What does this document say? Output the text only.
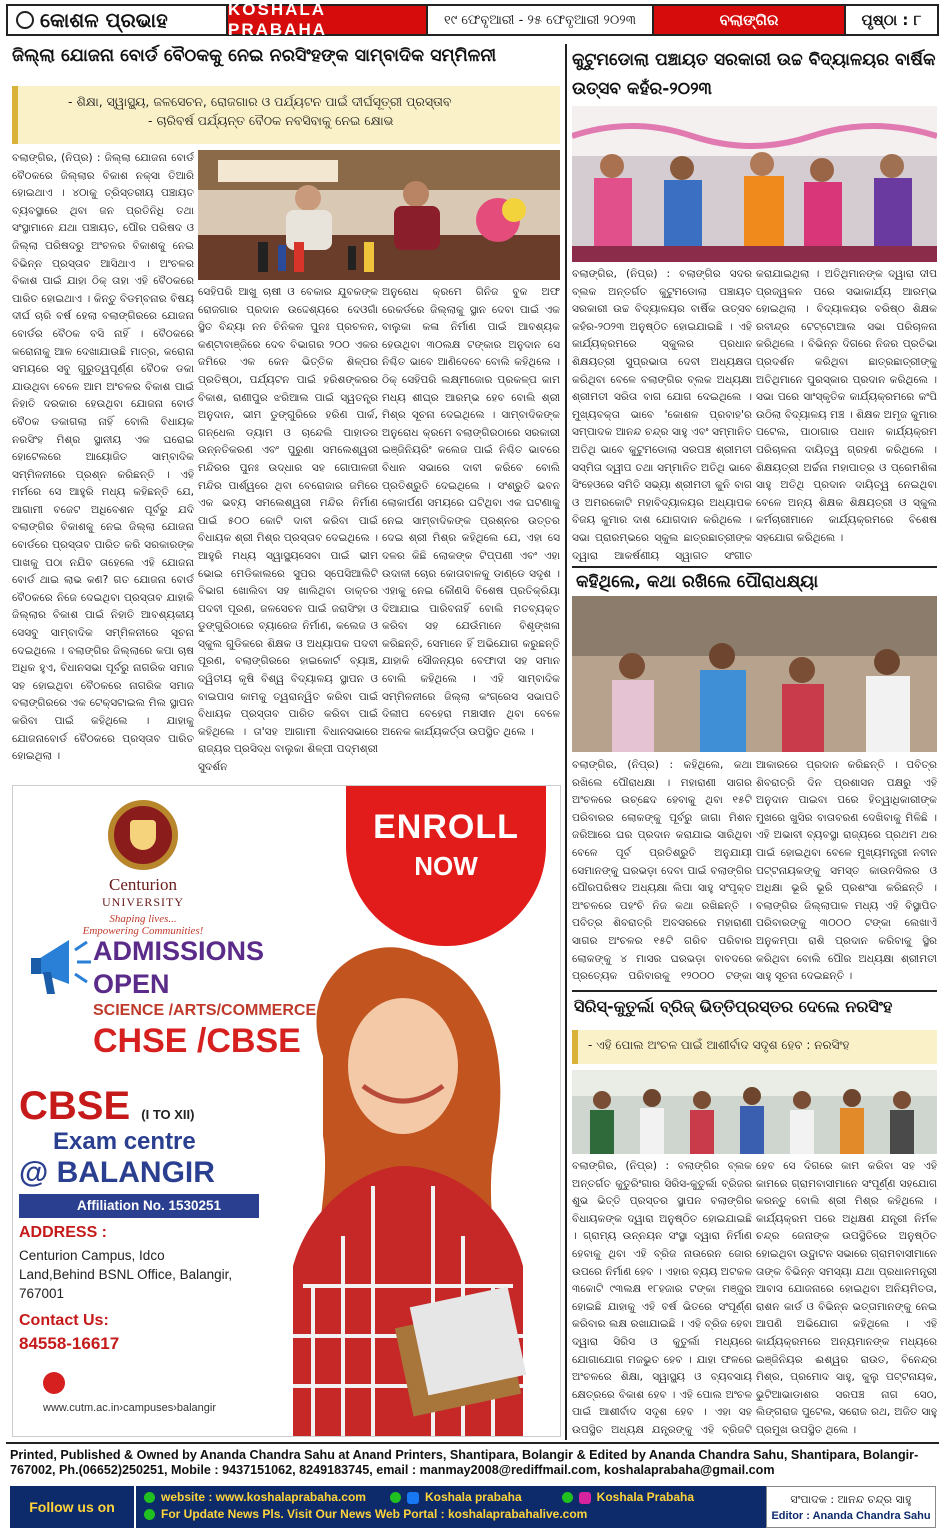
କୋଶଳ ପ୍ରଭାହ	KOSHALA PRABAHA	୧୯ ଫେବୃଆରୀ - ୨୫ ଫେବୃଆରୀ ୨୦୨୩	ବଲାଙ୍ଗିର	ପୃଷ୍ଠା : ୮
ଜିଲ୍ଲା ଯୋଜନା ବୋର୍ଡ ବୈଠକକୁ ନେଇ ନରସିଂହଙ୍କ ସାମ୍ବାଦିକ ସମ୍ମିଳନୀ
- ଶିକ୍ଷା, ସ୍ୱାସ୍ଥ୍ୟ, ଜଳସେଚନ, ରୋଜଗାର ଓ ପର୍ଯ୍ୟଟନ ପାଇଁ ଦୀର୍ଘସୂତ୍ରୀ ପ୍ରସ୍ତାବ
- ଚାରିବର୍ଷ ପର୍ଯ୍ୟନ୍ତ ବୈଠକ ନବସିବାକୁ ନେଇ କ୍ଷୋଭ
ବଲାଙ୍ଗିର, (ନିପ୍ର) : ଜିଲ୍ଲା ଯୋଜନା ବୋର୍ଡ ବୈଠକରେ ଜିଲ୍ଲାର ବିକାଶ ନକ୍ସା ତିଆରି ହୋଇଥାଏ । ୪୦ାକୁ ତ୍ରିସ୍ତରୀୟ ପଞ୍ଚାୟତ ବ୍ୟବସ୍ଥାରେ ଥିବା ଜନ ପ୍ରତିନିଧି ତଥା ସଂସ୍ଥାମାନେ ଯଥା ପଞ୍ଚାୟତ, ପୌର ପରିଷଦ ଓ ଜିଲ୍ଲା ପରିଷଦରୁ ଅଂଚଳର ବିକାଶକୁ ନେଇ ବିଭିନ୍ନ ପ୍ରସ୍ତାବ ଆସିଥାଏ । ଅଂଚଳର ବିକାଶ ପାଇଁ ଯାହା ଠିକ୍ ତାହା ଏହି ବୈଠକରେ ପାରିତ ହୋଇଥାଏ । କିନ୍ତୁ ବିଡମ୍ବନାର ବିଷୟ ଦୀର୍ଘ ଚାରି ବର୍ଷ ହେଲା ବଲାଙ୍ଗିରରେ ଯୋଜନା ବୋର୍ଡର ବୈଠକ ବସି ନାହିଁ । ବୈଠକରେ କରୋନାକୁ ଆଳ ଦେଖାଯାଉଛି ମାତ୍ର, କରୋନା ସମୟରେ ସବୁ ଗୁରୁତ୍ୱପୂର୍ଣ୍ଣ ବୈଠକ ଡକା ଯାଉଥିବା ବେଳେ ଆମ ଅଂଚଳର ବିକାଶ ପାଇଁ ନିହାତି ଦରକାର ହେଉଥିବା ଯୋଜନା ବୋର୍ଡ ବୈଠକ ଡକାଗଲା ନାହିଁ ବୋଲି ବିଧାୟକ ନରସିଂହ ମିଶ୍ର ସ୍ଥାନୀୟ ଏକ ଘରୋଇ ହୋଟେଲରେ ଆୟୋଜିତ ସାମ୍ବାଦିକ ସମ୍ମିଳନୀରେ ପ୍ରଶ୍ନ କରିଛନ୍ତି । ଏହି ମର୍ମରେ ସେ ଆହୁରି ମଧ୍ୟ କହିଛନ୍ତି ଯେ, ଆଗାମୀ ବଜେଟ ଅଧିବେଶନ ପୂର୍ବରୁ ଯଦି ବଲାଙ୍ଗିର ବିକାଶକୁ ନେଇ ଜିଲ୍ଲା ଯୋଜନା ବୋର୍ଡରେ ପ୍ରସ୍ତାବ ପାରିତ କରି ସରକାରଙ୍କ ପାଖକୁ ପଠା ନଯିବ ତାହେଲେ ଏହି ଯୋଜନା ବୋର୍ଡ ଥାଇ ଲାଭ କଣ? ଗତ ଯୋଜନା ବୋର୍ଡ ବୈଠକରେ ନିଜେ ଦେଇଥିବା ପ୍ରସ୍ତାବ ଯାହାକି ଜିଲ୍ଲାର ବିକାଶ ପାଇଁ ନିହାତି ଆବଶ୍ୟକୀୟ ସେସବୁ ସାମ୍ବାଦିକ ସମ୍ମିଳନୀରେ ସୂଚନା ଦେଇଥିଲେ । ବଲାଙ୍ଗିର ଜିଲ୍ଲାରେ କପା ଚାଷ ଅଧିକ ହୁଏ, ବିଧାନସଭା ପୂର୍ବରୁ ନାଗରିକ ସମାଜ ସହ ହୋଇଥିବା ବୈଠକରେ ନାଗରିକ ସମାଜ ବଲାଙ୍ଗିରରେ ଏକ ଟେକ୍ସଟାଇଲ ମିଲ ସ୍ଥାପନ କରିବା ପାଇଁ କହିଥିଲେ । ଯାହାକୁ ଯୋଜନାବୋର୍ଡ ବୈଠକରେ ପ୍ରସ୍ତାବ ପାରିତ ହୋଇଥିଲା ।
ସେହିପରି ଆଖୁ ଚାଷୀ ଓ ବେକାର ଯୁବକଙ୍କ ରୋଜଗାର ପ୍ରଦାନ ଉଦ୍ଦେଶ୍ୟରେ ଦେଓଗାଁ ସ୍ଥିତ ବିନ୍ଦ୍ୟା ନନ ଚିନିକଳ ପୁନଃ ପ୍ରଚଳନ, କଣ୍ଟାବାଞ୍ଜିରେ ଦେବ ବିଭାଗର ୨୦୦ ଏକର ଜମିରେ ଏକ କେନ ଭିତ୍ତିକ ଶିଳ୍ପର ପ୍ରତିଷ୍ଠା, ପର୍ଯ୍ୟଟନ ପାଇଁ ହରିଶଙ୍କରର ବିକାଶ, ରାଣୀପୁର ଝରିଆଲ ପାଇଁ ସ୍ୱତନ୍ତ୍ର ଅନୁଦାନ, ଭୀମ ଡୁଙ୍ଗୁରିରେ ହରିଣ ପାର୍କ, ଗନ୍ଧେଲ ଡ୍ୟାମ ଓ ଚାନ୍ଦେଲି ପାହାଡର ଉନ୍ନତିକରଣ ଏବଂ ପୁରୁଣା ସମଲେଶ୍ୱରୀ ମନ୍ଦିରର ପୁନଃ ଉଦ୍ଧାର ସହ ଗୋପାଳଜୀ ମନ୍ଦିର ପାର୍ଶ୍ୱରେ ଥିବା ବେରୋଜାର ଜମିରେ ଏକ ଭବ୍ୟ ସମଲେଶ୍ୱରୀ ମନ୍ଦିର ନିର୍ମାଣ ପାଇଁ ୫୦୦ କୋଟି ଦାବୀ କରିବା ପାଇଁ ବିଧାୟକ ଶ୍ରୀ ମିଶ୍ର ପ୍ରସ୍ତାବ ଦେଇଥିଲେ । ଆହୁରି ମଧ୍ୟ ସ୍ୱାସ୍ଥ୍ୟସେବା ପାଇଁ ଭୀମ ଭୋଇ ମେଡିକାଲରେ ସୁପର ସ୍ପେସିଆଲିଟି ବିଭାଗ ଖୋଲିବା ସହ ଖାଲିଥିବା ଡାକ୍ତର ପଦବୀ ପୂରଣ, ଜଳସେଚନ ପାଇଁ ଜରାସିଂହା ଓ ଡୁଙ୍ଗୁରିଠାରେ ବ୍ୟାରେଜ ନିର୍ମାଣ, କଲେଜ ଓ ସ୍କୁଲ ଗୁଡିକରେ ଶିକ୍ଷକ ଓ ଅଧ୍ୟାପକ ପଦବୀ ପୂରଣ, ବଲାଙ୍ଗିରରେ ହାଇକୋର୍ଟ ବ୍ୟାଞ୍ଚ, ଦ୍ୱିତୀୟ କୃଷି ବିଶ୍ୱ ବିଦ୍ୟାଳୟ ସ୍ଥାପନ ଓ ବାଇପାସ କାମକୁ ତ୍ୱରାନ୍ୱିତ କରିବା ପାଇଁ ବିଧାୟକ ପ୍ରସ୍ତାବ ପାରିତ କରିବା ପାଇଁ କହିଥିଲେ । ତା'ସହ ଆଗାମୀ ବିଧାନସଭାରେ ରାଜ୍ୟର ପ୍ରସିଦ୍ଧ ବାଲୁକା ଶିଳ୍ପୀ ପଦ୍ମଶ୍ରୀ ସୁଦର୍ଶନ
ଅନୁରୋଧ କ୍ରମେ ଗିନିଜ ବୁକ ଅଫ ରେକର୍ଡରେ ଜିଲ୍ଲାକୁ ସ୍ଥାନ ଦେବା ପାଇଁ ଏକ ବାଲୁକା କଳା ନିର୍ମାଣ ପାଇଁ ଆବଶ୍ୟକ ହେଉଥିବା ୩୦ଲକ୍ଷ ଟଙ୍କାର ଅନୁଦାନ ସେ ନିଶ୍ଚିତ ଭାବେ ଆଣିଦେବେ ବୋଲି କହିଥିଲେ । ଠିକ୍ ସେହିପରି ଲକ୍ଷ୍ମୀଜୋର ପ୍ରକଳ୍ପ କାମ ମଧ୍ୟ ଶୀଘ୍ର ଆରମ୍ଭ ହେବ ବୋଲି ଶ୍ରୀ ମିଶ୍ର ସୂଚନା ଦେଇଥିଲେ । ସାମ୍ବାଦିକଙ୍କ ଅନୁରୋଧ କ୍ରମେ ବଲାଙ୍ଗିରଠାରେ ସରକାରୀ ଇଞ୍ଜିନିୟରିଂ କଲେଜ ପାଇଁ ନିଶ୍ଚିତ ଭାବରେ ବିଧାନ ସଭାରେ ଦାବୀ କରିବେ ବୋଲି ପ୍ରତିଶ୍ରୁତି ଦେଇଥିଲେ । ସଂଶ୍ରୁତି ଭବନ ଲୋକାର୍ପଣ ସମୟରେ ଘଟିଥିବା ଏକ ଘଟଣାକୁ ନେଇ ସାମ୍ବାଦିକଙ୍କ ପ୍ରଶ୍ନର ଉତ୍ତର ଦେଇ ଶ୍ରୀ ମିଶ୍ର କହିଥିଲେ ଯେ, ଏହା ସେ ଦଳର କିଛି ଲୋକଙ୍କ ଟିପ୍ପଣୀ ଏବଂ ଏହା ଉଦାଳୀ ଚୋର କୋତାବାଳକୁ ଡାଣ୍ଡେ ସଦୃଶ । ଏହାକୁ ନେଇ କୌଣସି ବିଶେଷ ପ୍ରତିକ୍ରିୟା ଦିଆଯାଇ ପାରିବନାହିଁ ବୋଲି ମତବ୍ୟକ୍ତ କରିବା ସହ ଯେଉଁମାନେ ବିଶୃଙ୍ଖଳା କରିଛନ୍ତି, ସେମାନେ ହିଁ ଅଭିଯୋଗ କରୁଛନ୍ତି ଯାହାକି ସୌଜନ୍ୟର ବେଫାଦୀ ସହ ସମାନ ବୋଲି କହିଥିଲେ । ଏହି ସାମ୍ବାଦିକ ସମ୍ମିଳନୀରେ ଜିଲ୍ଲା କଂଗ୍ରେସ ସଭାପତି ଦିଲୀପ ବେହେରା ମଞ୍ଚାସୀନ ଥିବା ବେଳେ ଅନେକ କାର୍ଯ୍ୟକର୍ତ୍ତା ଉପସ୍ଥିତ ଥିଲେ ।
ENROLL
NOW
Centurion
UNIVERSITY
Shaping lives...
Empowering Communities!
ADMISSIONS
OPEN
SCIENCE /ARTS/COMMERCE
CHSE /CBSE
CBSE (I TO XII)
Exam centre
@ BALANGIR
Affiliation No. 1530251
ADDRESS :
Centurion Campus, Idco Land,Behind BSNL Office, Balangir, 767001
Contact Us:
84558-16617
www.cutm.ac.in›campuses›balangir
କୁଟୁମଡୋଲା ପଞ୍ଚାୟତ ସରକାରୀ ଉଚ୍ଚ ବିଦ୍ୟାଳୟର ବାର୍ଷିକ ଉତ୍ସବ କହଁର-୨୦୨୩
ବଲାଙ୍ଗିର, (ନିପ୍ର) : ବଲାଙ୍ଗିର ସଦର ବ୍ଲକ ଅନ୍ତର୍ଗତ କୁଟୁମଡୋଲା ପଞ୍ଚାୟତ ସରକାରୀ ଉଚ୍ଚ ବିଦ୍ୟାଳୟର ବାର୍ଷିକ ଉତ୍ସବ କହଁର-୨୦୨୩ ଅନୁଷ୍ଠିତ ହୋଇଯାଇଛି । ଏହି କାର୍ଯ୍ୟକ୍ରମରେ ସ୍କୁଲର ପ୍ରଧାନ ଶିକ୍ଷୟତ୍ରୀ ସୁପ୍ରଭାତା ଦେବୀ ଅଧ୍ୟକ୍ଷତା କରିଥିବା ବେଳେ ବଲାଙ୍ଗିର ବ୍ଲକ ଅଧ୍ୟକ୍ଷା ଶ୍ରୀମତୀ ସରିତା ବାଗ ଯୋଗ ଦେଇଥିଲେ । ମୁଖ୍ୟବକ୍ତା ଭାବେ 'କୋଶଳ ପ୍ରବାହ'ର ସମ୍ପାଦକ ଆନନ୍ଦ ଚନ୍ଦ୍ର ସାହୁ ଏବଂ ସମ୍ମାନିତ ଅତିଥି ଭାବେ କୁଟୁମଡୋଲା ସରପଞ୍ଚ ଶ୍ରୀମତୀ ସସ୍ମିତା ଦ୍ୱୀପ ତଥା ସମ୍ମାନିତ ଅତିଥି ଭାବେ ସିଂହେଓରେ ସମିତି ସଭ୍ୟା ଶ୍ରୀମତୀ କୁନି ବାଗ ଓ ଅମରକୋଟି ମହାବିଦ୍ୟାଳୟର ଅଧ୍ୟାପକ ବିଜୟ କୁମାର ଦାଶ ଯୋଗଦାନ କରିଥିଲେ । ସଭା ପ୍ରାରମ୍ଭରେ ସ୍କୁଲ ଛାତ୍ରଛାତ୍ରୀଙ୍କ ଦ୍ୱାରା ଆକର୍ଷଣୀୟ ସ୍ୱାଗତ ସଂଗୀତ
କରାଯାଇଥିଲା । ଅତିଥିମାନଙ୍କ ଦ୍ୱାରା ଦୀପ ପ୍ରଜ୍ୱଳନ ପରେ ସଭାକାର୍ଯ୍ୟ ଆରମ୍ଭ ହୋଇଥିଲା । ବିଦ୍ୟାଳୟର ବରିଷ୍ଠ ଶିକ୍ଷକ ରବୀନ୍ଦ୍ର ଟେଟ୍ଟୋଆଲ ସଭା ପରିଚାଳନା କରିଥିଲେ । ବିଭିନ୍ନ ଦିଗରେ ନିଜର ପ୍ରତିଭା ପ୍ରଦର୍ଶନ କରିଥିବା ଛାତ୍ରଛାତ୍ରୀଙ୍କୁ ଅତିଥିମାନେ ପୁରସ୍କାର ପ୍ରଦାନ କରିଥିଲେ । ସଭା ପରେ ସାଂସ୍କୃତିକ କାର୍ଯ୍ୟକ୍ରମରେ କଂପି ଉଠିଲା ବିଦ୍ୟାଳୟ ମଞ୍ଚ । ଶିକ୍ଷକ ଅମୃଜ କୁମାର ପଟେଲ, ପାଠାଗାର ପଧାନ କାର୍ଯ୍ୟକ୍ରମ ପରିଚାଳନା ଦାୟିତ୍ୱ ଗ୍ରହଣ କରିଥିଲେ । ଶିକ୍ଷୟତ୍ରୀ ଅର୍ଚ୍ଚନା ମହାପାତ୍ର ଓ ପ୍ରେମଶିଳା ସାହୁ ଅତିଥି ପ୍ରଦାନ ଦାୟିତ୍ୱ ନେଇଥିବା ବେଳେ ଅନ୍ୟ ଶିକ୍ଷକ ଶିକ୍ଷୟତ୍ରୀ ଓ ସ୍କୁଲ କର୍ମଚାରୀମାନେ କାର୍ଯ୍ୟକ୍ରମରେ ବିଶେଷ ସହଯୋଗ କରିଥିଲେ ।
କହିଥିଲେ, କଥା ରଖିଲେ ପୌରାଧକ୍ଷ୍ୟା
ବଲାଙ୍ଗିର, (ନିପ୍ର) : କହିଥିଲେ, କଥା ରଖିଲେ ପୌରାଧକ୍ଷା । ମହାରାଣୀ ସାଗର ଅଂଚଳରେ ଉଚ୍ଛେଦ ହେବାକୁ ଥିବା ୧୫ଟି ପରିବାରର ଲୋକଙ୍କୁ ପୂର୍ବରୁ ଜାଗା ମିଶନ ଜରିଆରେ ଘର ପ୍ରଦାନ କରାଯାଇ ସାରିଥିବା ବେଳେ ପୂର୍ବ ପ୍ରତିଶ୍ରୁତି ଅନୁଯାୟୀ ସେମାନଙ୍କୁ ଘରଭଡ଼ା ଦେବା ପାଇଁ ବଲାଙ୍ଗିର ପୌରପରିଷଦ ଅଧ୍ୟକ୍ଷା ଲିପା ସାହୁ ସଂପୃକ୍ତ ଅଂଚଳରେ ପହଂଚି ନିଜ କଥା ରଖିଛନ୍ତି । ପବିତ୍ର ଶିବରାତ୍ରି ଅବସରରେ ମହାରାଣୀ ସାଗର ଅଂଚଳର ୧୫ଟି ଗରିବ ପରିବାର ଲୋକଙ୍କୁ ୪ ମାସର ଘରଭଡ଼ା ବାବଦରେ ପ୍ରତ୍ୟେକ ପରିବାରକୁ ୧୨୦୦୦ ଟଙ୍କା
ଆକାରରେ ପ୍ରଦାନ କରିଛନ୍ତି । ପବିତ୍ର ଶିବରାତ୍ରି ଦିନ ପ୍ରଶାସନ ପକ୍ଷରୁ ଏହି ଅନୁଦାନ ପାଇବା ପରେ ହିତ୍ୱାଧିକାରୀଙ୍କ ମୁଖରେ ଖୁସିର ବାତାବରଣ ଦେଖିବାକୁ ମିଳିଛି । ଏହି ଅଭାବୀ ବ୍ୟବସ୍ଥା ରାଜ୍ୟରେ ପ୍ରଥମ ଥର ପାଇଁ ହୋଇଥିବା ବେଳେ ମୁଖ୍ୟମନ୍ତ୍ରୀ ନବୀନ ପଟ୍ଟନାୟକଙ୍କୁ ସମସ୍ତ କାଉନସିଲର ଓ ଅଧିକ୍ଷା ଭୂରି ଭୂରି ପ୍ରଶଂସା କରିଛନ୍ତି । ବଲାଙ୍ଗିର ଜିଲ୍ଲାପାଳ ମଧ୍ୟ ଏହି ବିସ୍ଥାପିତ ପରିବାରଙ୍କୁ ୩୦୦୦ ଟଙ୍କା ଲେଖାଏଁ ଅନୁକମ୍ପା ରାଶି ପ୍ରଦାନ କରିବାକୁ ସ୍ଥିର କରିଥିବା ବୋଲି ପୌର ଅଧ୍ୟକ୍ଷା ଶ୍ରୀମତୀ ସାହୁ ସୂଚନା ଦେଇଛନ୍ତି ।
ସିରିସ୍-କୁତୁର୍ଲା ବ୍ରିଜ୍ ଭିତ୍ତିପ୍ରସ୍ତର ଦେଲେ ନରସିଂହ
- ଏହି ପୋଲ ଅଂଚଳ ପାଇଁ ଆଶୀର୍ବାଦ ସଦୃଶ ହେବ : ନରସିଂହ
ବଲାଙ୍ଗିର, (ନିପ୍ର) : ବଲାଙ୍ଗିର ବ୍ଲକ ଅନ୍ତର୍ଗତ କୁତୁରିଂଗାର ସିରିସ-କୁତୁର୍ଲା ବ୍ରିଜର ଶୁଭ ଭିତ୍ତି ପ୍ରସ୍ତର ସ୍ଥାପନ ବଲାଙ୍ଗିର ବିଧାୟକଙ୍କ ଦ୍ୱାରା ଅନୁଷ୍ଠିତ ହୋଇଯାଇଛି । ଗ୍ରାମ୍ୟ ଉନ୍ନୟନ ସଂସ୍ଥା ଦ୍ୱାରା ନିର୍ମାଣ ହେବାକୁ ଥିବା ଏହି ବ୍ରିଜ ନାଉରେନ ଜୋର ଉପରେ ନିର୍ମାଣ ହେବ । ଏହାର ବ୍ୟୟ ଅଟକଳ ୩କୋଟି ୯୩ଲକ୍ଷ ୧୮ହଜାର ଟଙ୍କା ମଞ୍ଜୁର ହୋଇଛି ଯାହାକୁ ଏହି ବର୍ଷ ଭିତରେ ସଂପୂର୍ଣ୍ଣ କରିବାର ଲକ୍ଷ ରଖାଯାଇଛି । ଏହି ବ୍ରିଜ ହେବା ଦ୍ୱାରା ସିରିସ ଓ କୁତୁର୍ଲା ମଧ୍ୟରେ ଯୋଗାଯୋଗ ମଜଭୁତ ହେବ । ଯାହା ଫଳରେ ଅଂଚଳରେ ଶିକ୍ଷା, ସ୍ୱାସ୍ଥ୍ୟ ଓ ବ୍ୟବସାୟ କ୍ଷେତ୍ରରେ ବିକାଶ ହେବ । ଏହି ପୋଲ ଅଂଚଳ ପାଇଁ ଆଶୀର୍ବାଦ ସଦୃଶ ହେବ । ଏହା ସହ ଉପସ୍ଥିତ ଅଧ୍ୟକ୍ଷ ଯନ୍ତ୍ରଙ୍କୁ ଏହି ବ୍ରିଜଟି
ହେବ ସେ ଦିଗରେ କାମ କରିବା ସହ ଏହି କାମରେ ଗ୍ରାମବାସୀମାନେ ସଂପୂର୍ଣ୍ଣ ସହଯୋଗ କରନ୍ତୁ ବୋଲି ଶ୍ରୀ ମିଶ୍ର କହିଥିଲେ । କାର୍ଯ୍ୟକ୍ରମ ପରେ ଅଧିକ୍ଷଣ ଯନ୍ତ୍ରୀ ନିର୍ମଳ ଚନ୍ଦ୍ର ଜେନାଙ୍କ ଉପସ୍ଥିତିରେ ଅନୁଷ୍ଠିତ ହୋଇଥିବା ଉଦ୍ଘାଟନ ସଭାରେ ଗ୍ରାମବାସୀମାନେ ତାଙ୍କ ବିଭିନ୍ନ ସମସ୍ୟା ଯଥା ପ୍ରଧାନମନ୍ତ୍ରୀ ଆବାସ ଯୋଜନାରେ ହୋଇଥିବା ଅନିୟମିତତା, ରାଶନ କାର୍ଡ ଓ ବିଭିନ୍ନ ଭତ୍ତାମାନଙ୍କୁ ନେଇ ଆପଣି ଅଭିଯୋଗ କହିଥିଲେ । ଏହି କାର୍ଯ୍ୟକ୍ରମରେ ଅନ୍ୟମାନଙ୍କ ମଧ୍ୟରେ ଇଞ୍ଜିନିୟର ଈଶ୍ୱର ରାଉତ, ବିନେନ୍ଦ୍ର ମିଶ୍ର, ପ୍ରମୋଦ ସାହୁ, କୁଲୁ ପଟ୍ଟନାୟକ, ଭୁଟିଆଭାଡାଶର ସରପଞ୍ଚ ନାଗ ସେଠ, ଲିଙ୍ଗରାଜ ପୁଟେଲ, ସରୋଜ ରଥ, ଅଜିତ ସାହୁ ପ୍ରମୁଖ ଉପସ୍ଥିତ ଥିଲେ ।
Printed, Published & Owned by Ananda Chandra Sahu at Anand Printers, Shantipara, Bolangir & Edited by Ananda Chandra Sahu, Shantipara, Bolangir-767002, Ph.(06652)250251, Mobile : 9437151062, 8249183745, email : manmay2008@rediffmail.com, koshalaprabaha@gmail.com
Follow us on
website : www.koshalaprabaha.com	Koshala prabaha	Koshala Prabaha
For Update News Pls. Visit Our News Web Portal : koshalaprabahalive.com
ସଂପାଦକ : ଆନନ୍ଦ ଚନ୍ଦ୍ର ସାହୁ
Editor : Ananda Chandra Sahu
